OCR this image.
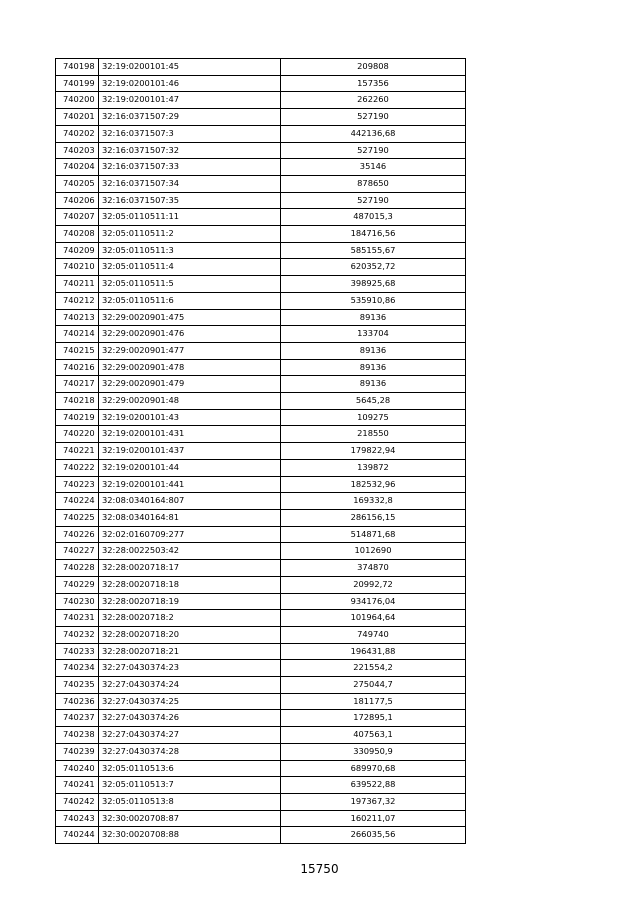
740198	32:19:0200101:45	209808
740199	32:19:0200101:46	157356
740200	32:19:0200101:47	262260
740201	32:16:0371507:29	527190
740202	32:16:0371507:3	442136,68
740203	32:16:0371507:32	527190
740204	32:16:0371507:33	35146
740205	32:16:0371507:34	878650
740206	32:16:0371507:35	527190
740207	32:05:0110511:11	487015,3
740208	32:05:0110511:2	184716,56
740209	32:05:0110511:3	585155,67
740210	32:05:0110511:4	620352,72
740211	32:05:0110511:5	398925,68
740212	32:05:0110511:6	535910,86
740213	32:29:0020901:475	89136
740214	32:29:0020901:476	133704
740215	32:29:0020901:477	89136
740216	32:29:0020901:478	89136
740217	32:29:0020901:479	89136
740218	32:29:0020901:48	5645,28
740219	32:19:0200101:43	109275
740220	32:19:0200101:431	218550
740221	32:19:0200101:437	179822,94
740222	32:19:0200101:44	139872
740223	32:19:0200101:441	182532,96
740224	32:08:0340164:807	169332,8
740225	32:08:0340164:81	286156,15
740226	32:02:0160709:277	514871,68
740227	32:28:0022503:42	1012690
740228	32:28:0020718:17	374870
740229	32:28:0020718:18	20992,72
740230	32:28:0020718:19	934176,04
740231	32:28:0020718:2	101964,64
740232	32:28:0020718:20	749740
740233	32:28:0020718:21	196431,88
740234	32:27:0430374:23	221554,2
740235	32:27:0430374:24	275044,7
740236	32:27:0430374:25	181177,5
740237	32:27:0430374:26	172895,1
740238	32:27:0430374:27	407563,1
740239	32:27:0430374:28	330950,9
740240	32:05:0110513:6	689970,68
740241	32:05:0110513:7	639522,88
740242	32:05:0110513:8	197367,32
740243	32:30:0020708:87	160211,07
740244	32:30:0020708:88	266035,56
15750
